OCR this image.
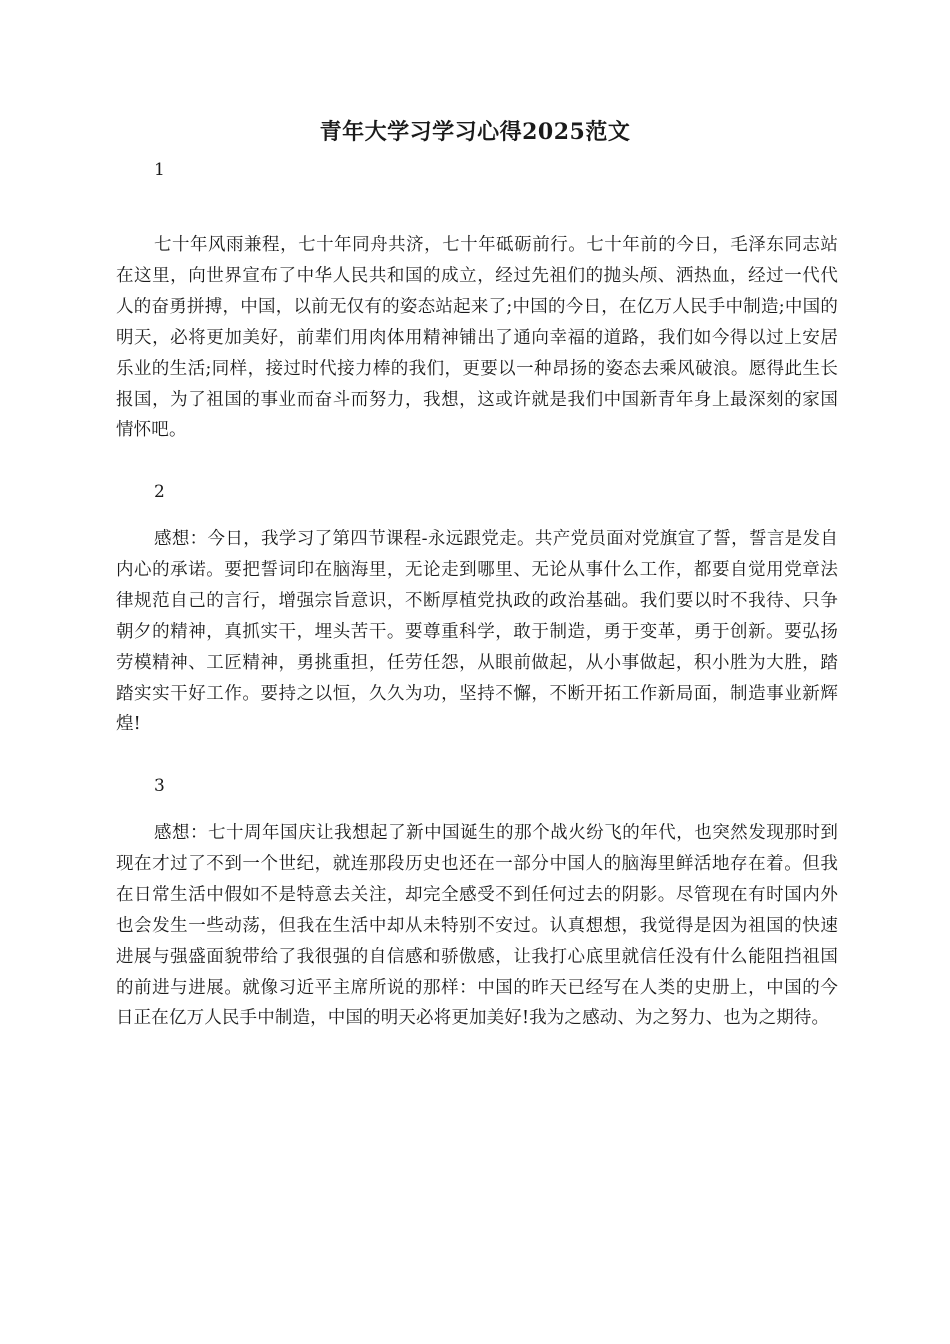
青年大学习学习心得2025范文
1
七十年风雨兼程，七十年同舟共济，七十年砥砺前行。七十年前的今日，毛泽东同志站在这里，向世界宣布了中华人民共和国的成立，经过先祖们的抛头颅、洒热血，经过一代代人的奋勇拼搏，中国，以前无仅有的姿态站起来了;中国的今日，在亿万人民手中制造;中国的明天，必将更加美好，前辈们用肉体用精神铺出了通向幸福的道路，我们如今得以过上安居乐业的生活;同样，接过时代接力棒的我们，更要以一种昂扬的姿态去乘风破浪。愿得此生长报国，为了祖国的事业而奋斗而努力，我想，这或许就是我们中国新青年身上最深刻的家国情怀吧。
2
感想：今日，我学习了第四节课程-永远跟党走。共产党员面对党旗宣了誓，誓言是发自内心的承诺。要把誓词印在脑海里，无论走到哪里、无论从事什么工作，都要自觉用党章法律规范自己的言行，增强宗旨意识，不断厚植党执政的政治基础。我们要以时不我待、只争朝夕的精神，真抓实干，埋头苦干。要尊重科学，敢于制造，勇于变革，勇于创新。要弘扬劳模精神、工匠精神，勇挑重担，任劳任怨，从眼前做起，从小事做起，积小胜为大胜，踏踏实实干好工作。要持之以恒，久久为功，坚持不懈，不断开拓工作新局面，制造事业新辉煌!
3
感想：七十周年国庆让我想起了新中国诞生的那个战火纷飞的年代，也突然发现那时到现在才过了不到一个世纪，就连那段历史也还在一部分中国人的脑海里鲜活地存在着。但我在日常生活中假如不是特意去关注，却完全感受不到任何过去的阴影。尽管现在有时国内外也会发生一些动荡，但我在生活中却从未特别不安过。认真想想，我觉得是因为祖国的快速进展与强盛面貌带给了我很强的自信感和骄傲感，让我打心底里就信任没有什么能阻挡祖国的前进与进展。就像习近平主席所说的那样：中国的昨天已经写在人类的史册上，中国的今日正在亿万人民手中制造，中国的明天必将更加美好!我为之感动、为之努力、也为之期待。
